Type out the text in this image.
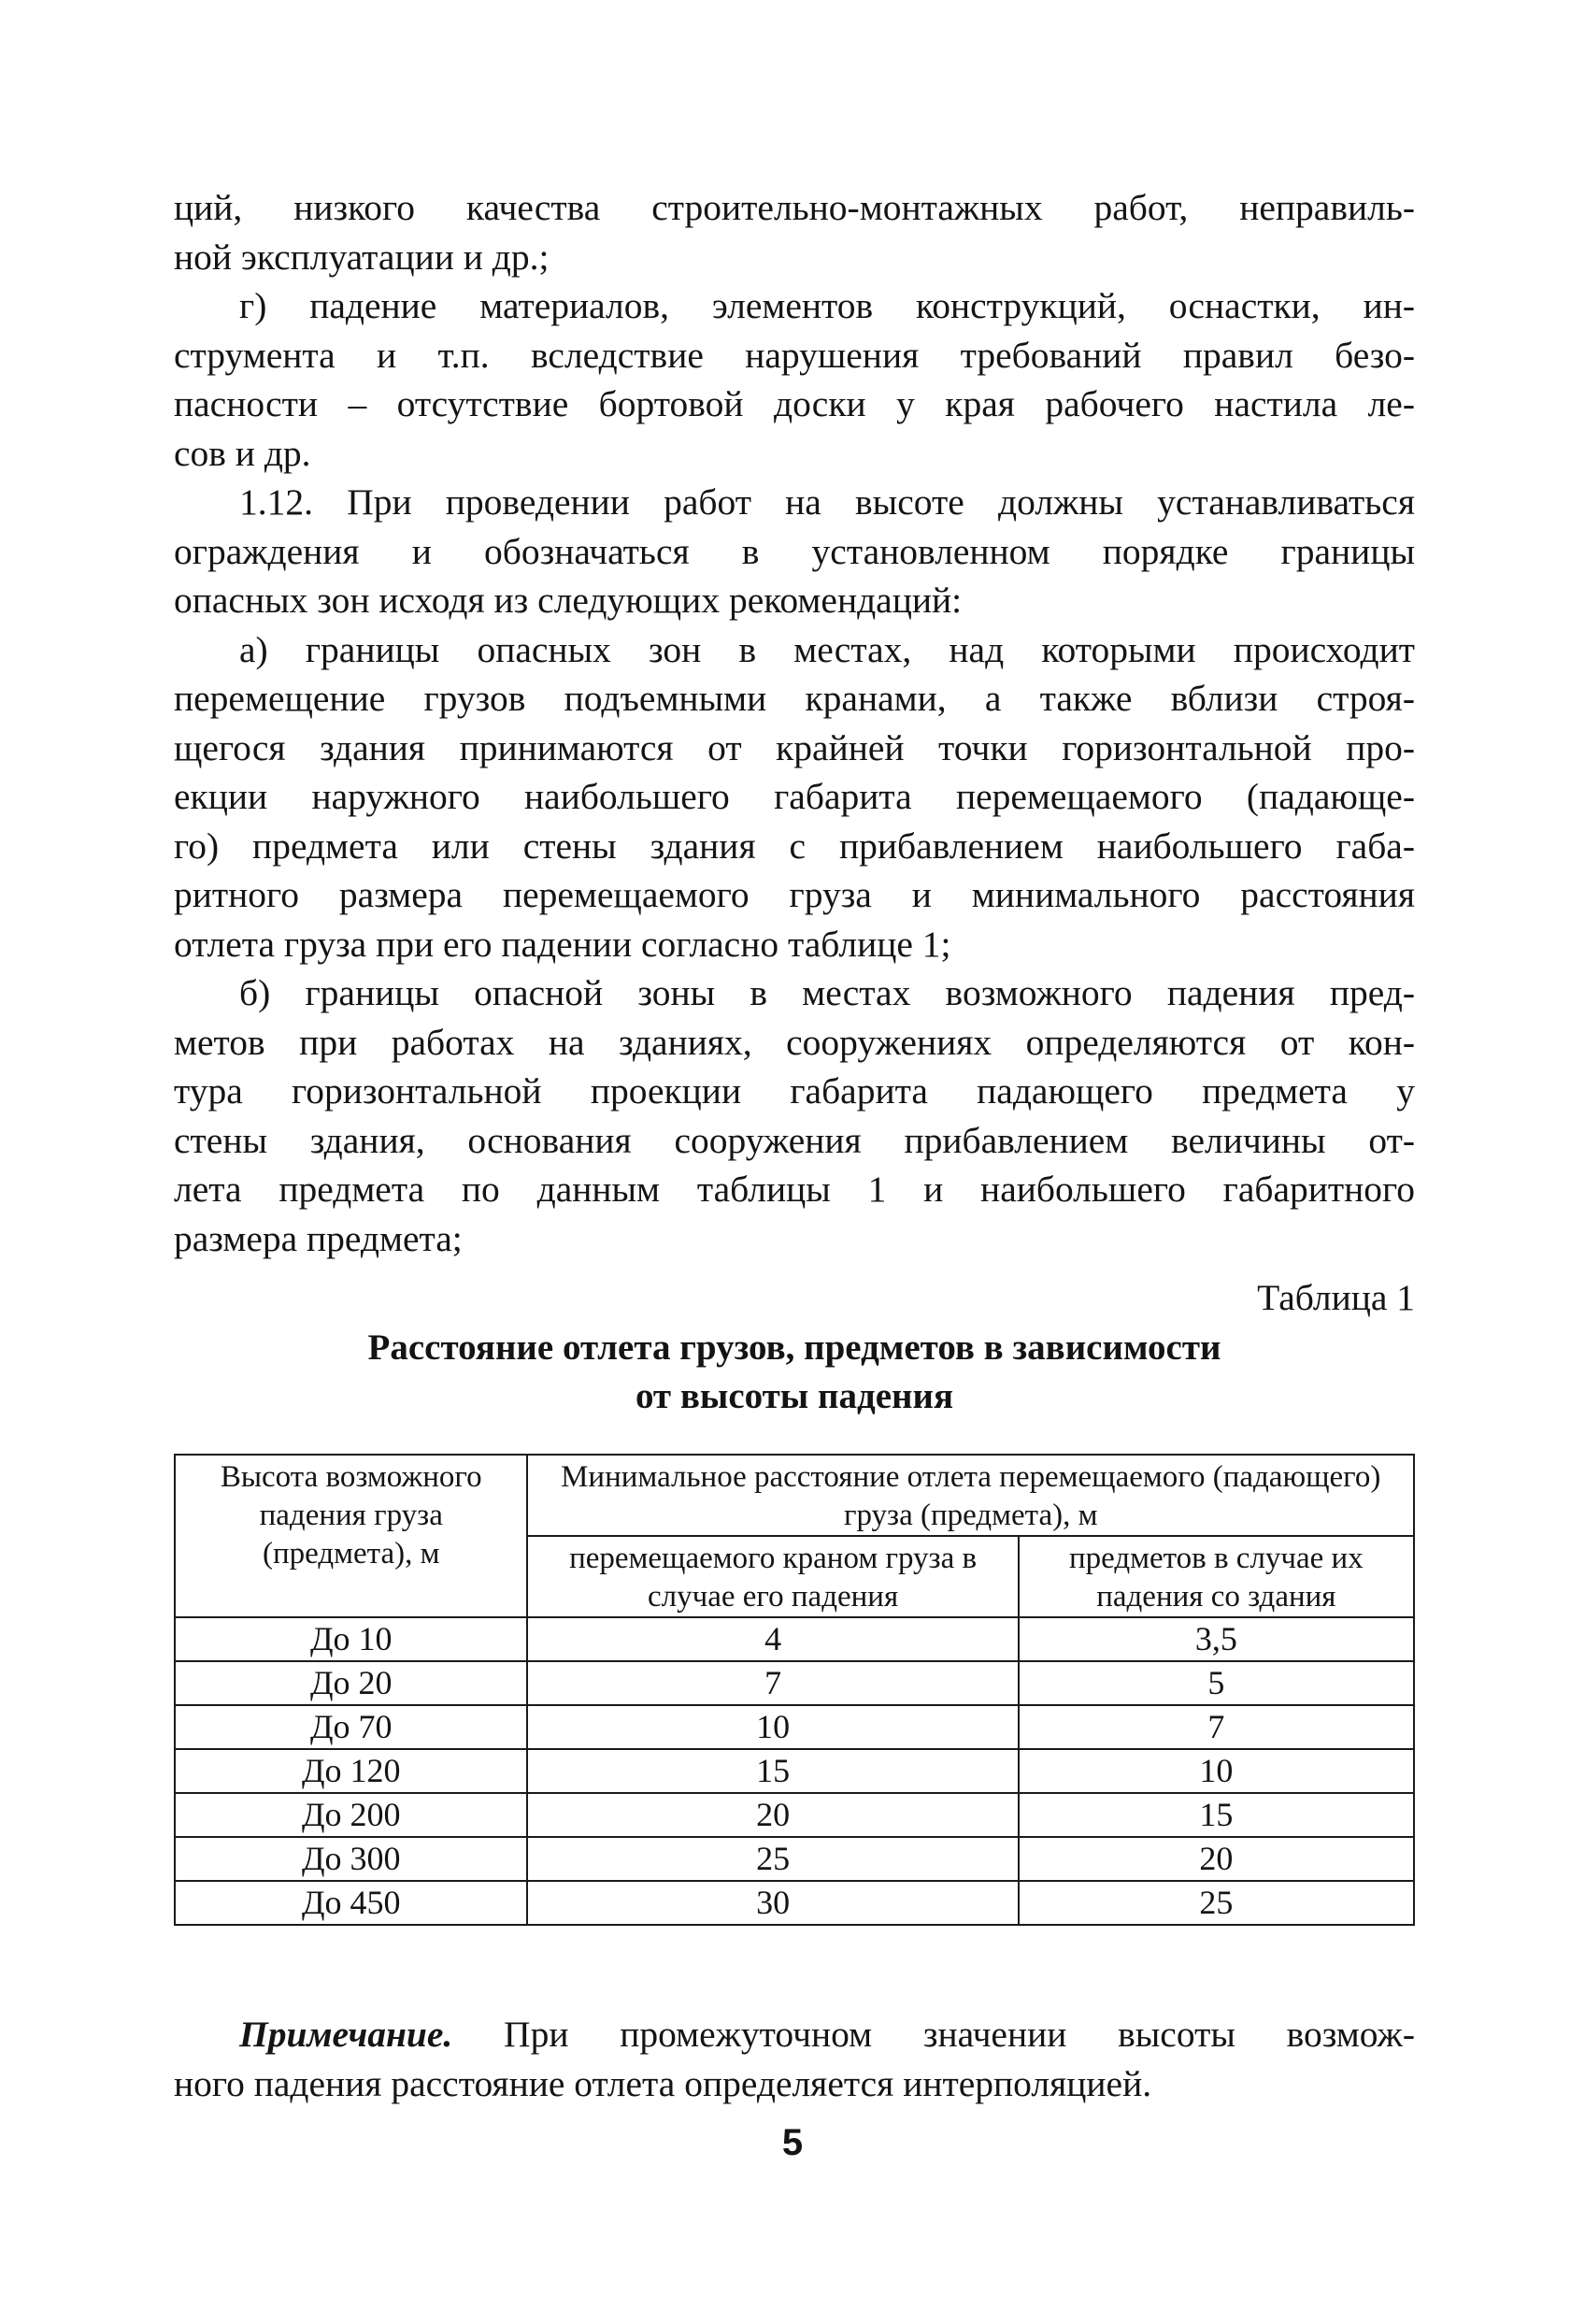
ций, низкого качества строительно-монтажных работ, неправиль-
ной эксплуатации и др.;
г) падение материалов, элементов конструкций, оснастки, ин-
струмента и т.п. вследствие нарушения требований правил безо-
пасности – отсутствие бортовой доски у края рабочего настила ле-
сов и др.
1.12. При проведении работ на высоте должны устанавливаться
ограждения и обозначаться в установленном порядке границы
опасных зон исходя из следующих рекомендаций:
а) границы опасных зон в местах, над которыми происходит
перемещение грузов подъемными кранами, а также вблизи строя-
щегося здания принимаются от крайней точки горизонтальной про-
екции наружного наибольшего габарита перемещаемого (падающе-
го) предмета или стены здания с прибавлением наибольшего габа-
ритного размера перемещаемого груза и минимального расстояния
отлета груза при его падении согласно таблице 1;
б) границы опасной зоны в местах возможного падения пред-
метов при работах на зданиях, сооружениях определяются от кон-
тура горизонтальной проекции габарита падающего предмета у
стены здания, основания сооружения прибавлением величины от-
лета предмета по данным таблицы 1 и наибольшего габаритного
размера предмета;
Таблица 1
Расстояние отлета грузов, предметов в зависимости
от высоты падения
Высота возможного падения груза (предмета), м	Минимальное расстояние отлета перемещаемого (падающего) груза (предмета), м	
	перемещаемого краном груза в случае его падения	предметов в случае их падения со здания
До 10	4	3,5
До 20	7	5
До 70	10	7
До 120	15	10
До 200	20	15
До 300	25	20
До 450	30	25
Примечание. При промежуточном значении высоты возмож-
ного падения расстояние отлета определяется интерполяцией.
5
